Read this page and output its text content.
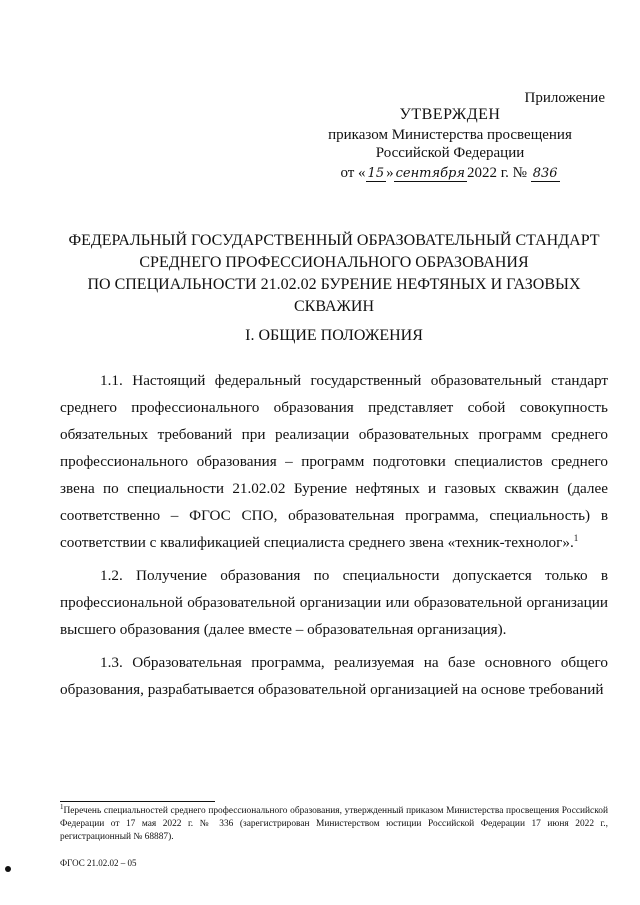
Приложение
УТВЕРЖДЕН
приказом Министерства просвещения
Российской Федерации
от « 15 » сентября 2022 г. № 836
ФЕДЕРАЛЬНЫЙ ГОСУДАРСТВЕННЫЙ ОБРАЗОВАТЕЛЬНЫЙ СТАНДАРТ
СРЕДНЕГО ПРОФЕССИОНАЛЬНОГО ОБРАЗОВАНИЯ
ПО СПЕЦИАЛЬНОСТИ 21.02.02 БУРЕНИЕ НЕФТЯНЫХ И ГАЗОВЫХ
СКВАЖИН
I. ОБЩИЕ ПОЛОЖЕНИЯ

1.1. Настоящий федеральный государственный образовательный стандарт среднего профессионального образования представляет собой совокупность обязательных требований при реализации образовательных программ среднего профессионального образования – программ подготовки специалистов среднего звена по специальности 21.02.02 Бурение нефтяных и газовых скважин (далее соответственно – ФГОС СПО, образовательная программа, специальность) в соответствии с квалификацией специалиста среднего звена «техник-технолог».$^1$

1.2. Получение образования по специальности допускается только в профессиональной образовательной организации или образовательной организации высшего образования (далее вместе – образовательная организация).

1.3. Образовательная программа, реализуемая на базе основного общего образования, разрабатывается образовательной организацией на основе требований

$^1$Перечень специальностей среднего профессионального образования, утвержденный приказом Министерства просвещения Российской Федерации от 17 мая 2022 г. № 336 (зарегистрирован Министерством юстиции Российской Федерации 17 июня 2022 г., регистрационный № 68887).
ФГОС 21.02.02 – 05
